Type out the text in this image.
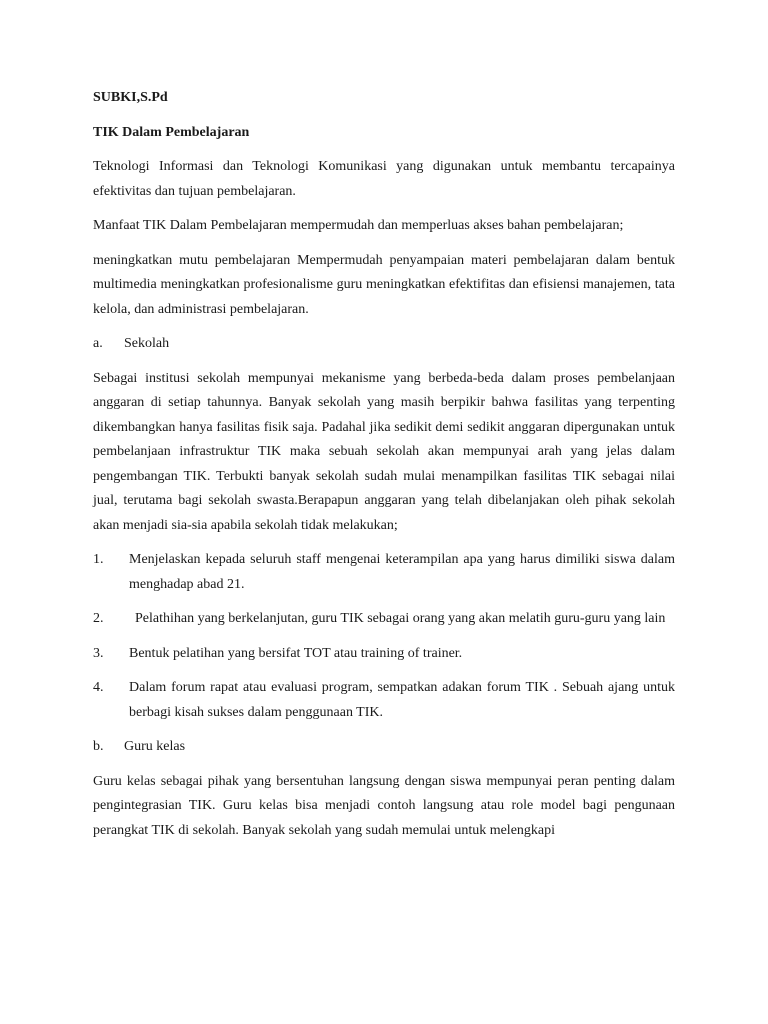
SUBKI,S.Pd

TIK Dalam Pembelajaran

Teknologi Informasi dan Teknologi Komunikasi yang digunakan untuk membantu tercapainya efektivitas dan tujuan pembelajaran.

Manfaat TIK Dalam Pembelajaran mempermudah dan memperluas akses bahan pembelajaran;

meningkatkan mutu pembelajaran Mempermudah penyampaian materi pembelajaran dalam bentuk multimedia meningkatkan profesionalisme guru meningkatkan efektifitas dan efisiensi manajemen, tata kelola, dan administrasi pembelajaran.

a.	Sekolah

Sebagai institusi sekolah mempunyai mekanisme yang berbeda-beda dalam proses pembelanjaan anggaran di setiap tahunnya. Banyak sekolah yang masih berpikir bahwa fasilitas yang terpenting dikembangkan hanya fasilitas fisik saja. Padahal jika sedikit demi sedikit anggaran dipergunakan untuk pembelanjaan infrastruktur TIK maka sebuah sekolah akan mempunyai arah yang jelas dalam pengembangan TIK. Terbukti banyak sekolah sudah mulai menampilkan fasilitas TIK sebagai nilai jual, terutama bagi sekolah swasta.Berapapun anggaran yang telah dibelanjakan oleh pihak sekolah akan menjadi sia-sia apabila sekolah tidak melakukan;

1.	Menjelaskan kepada seluruh staff mengenai keterampilan apa yang harus dimiliki siswa dalam menghadap abad 21.
2.	Pelathihan yang berkelanjutan, guru TIK sebagai orang yang akan melatih guru-guru yang lain
3.	Bentuk pelatihan yang bersifat TOT atau training of trainer.
4.	Dalam forum rapat atau evaluasi program, sempatkan adakan forum TIK . Sebuah ajang untuk berbagi kisah sukses dalam penggunaan TIK.
b.	Guru kelas

Guru kelas sebagai pihak yang bersentuhan langsung dengan siswa mempunyai peran penting dalam pengintegrasian TIK. Guru kelas bisa menjadi contoh langsung atau role model bagi pengunaan perangkat TIK di sekolah. Banyak sekolah yang sudah memulai untuk melengkapi
